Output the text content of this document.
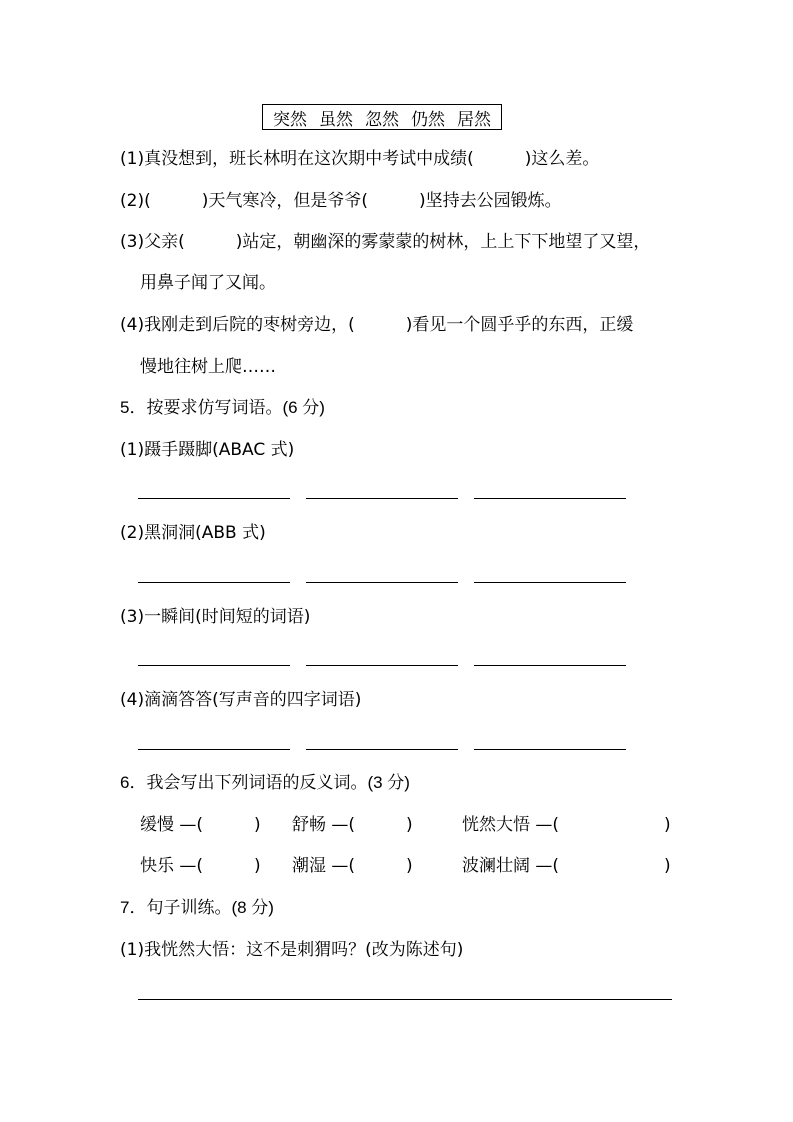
突然 虽然 忽然 仍然 居然
(1)真没想到，班长林明在这次期中考试中成绩(　　　)这么差。
(2)(　　　)天气寒冷，但是爷爷(　　　)坚持去公园锻炼。
(3)父亲(　　　)站定，朝幽深的雾蒙蒙的树林，上上下下地望了又望，
用鼻子闻了又闻。
(4)我刚走到后院的枣树旁边，(　　　)看见一个圆乎乎的东西，正缓
慢地往树上爬……
5．按要求仿写词语。(6 分)
(1)蹑手蹑脚(ABAC 式)
(2)黑洞洞(ABB 式)
(3)一瞬间(时间短的词语)
(4)滴滴答答(写声音的四字词语)
6．我会写出下列词语的反义词。(3 分)
缓慢 —(　　　) 舒畅 —(　　　)	恍然大悟 —(	)
快乐 —(　　　) 潮湿 —(　　　)	波澜壮阔 —(	)
7．句子训练。(8 分)
(1)我恍然大悟：这不是刺猬吗？(改为陈述句)
